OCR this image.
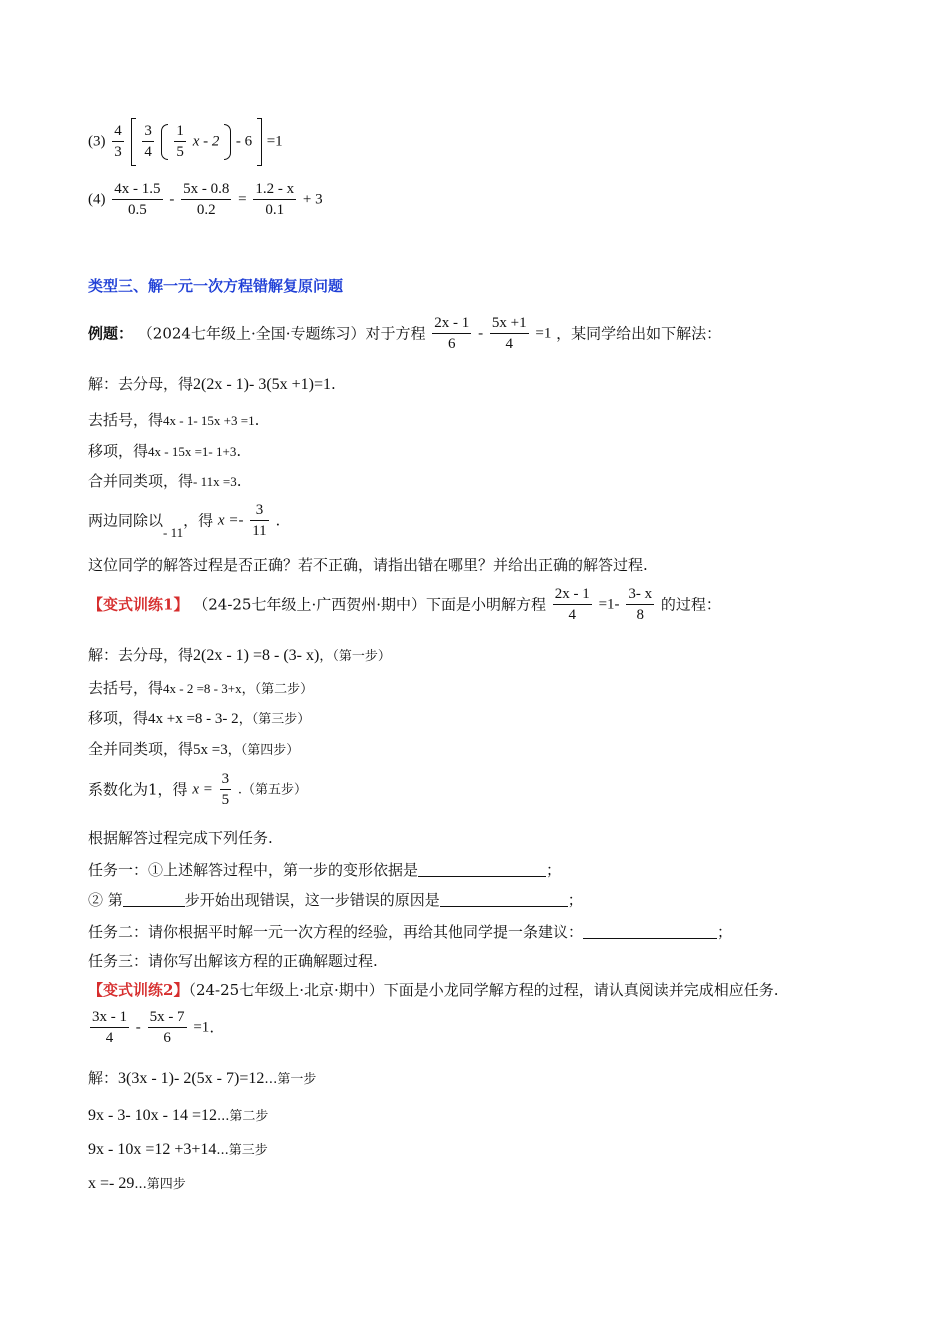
$(3) \frac{4}{3}$
$\frac{3}{4}$
$\frac{1}{5}$ x - 2 - 6 =1
$(4) \frac{4x - 1.5}{0.5} - \frac{5x - 0.8}{0.2} = \frac{1.2 - x}{0.1} + 3$
类型三、解一元一次方程错解复原问题
例题： （2024七年级上·全国·专题练习）对于方程 $\frac{2x - 1}{6} - \frac{5x +1}{4} =1$ ，某同学给出如下解法：
解：去分母，得2(2x - 1)- 3(5x +1)=1.
去括号，得4x - 1- 15x +3 =1.
移项，得4x - 15x =1- 1+3.
合并同类项，得- 11x =3.
两边同除以- 11，得 $x =- \frac{3}{11}$ .
这位同学的解答过程是否正确？若不正确，请指出错在哪里？并给出正确的解答过程.
【变式训练1】 （24-25七年级上·广西贺州·期中）下面是小明解方程 $\frac{2x - 1}{4} =1- \frac{3- x}{8}$ 的过程：
解：去分母，得2(2x - 1) =8 - (3- x)，（第一步）
去括号，得4x - 2 =8 - 3+x，（第二步）
移项，得4x +x =8 - 3- 2，（第三步）
全并同类项，得5x =3，（第四步）
系数化为1，得 $x = \frac{3}{5}$ .（第五步）
根据解答过程完成下列任务.
任务一：①上述解答过程中，第一步的变形依据是	；
② 第	步开始出现错误，这一步错误的原因是	；
任务二：请你根据平时解一元一次方程的经验，再给其他同学提一条建议：	；
任务三：请你写出解该方程的正确解题过程.
【变式训练2】（24-25七年级上·北京·期中）下面是小龙同学解方程的过程，请认真阅读并完成相应任务.
$\frac{3x - 1}{4} - \frac{5x - 7}{6} =1$.
解：3(3x - 1)- 2(5x - 7)=12…第一步
9x - 3- 10x - 14 =12...第二步
9x - 10x =12 +3+14...第三步
x =- 29...第四步
